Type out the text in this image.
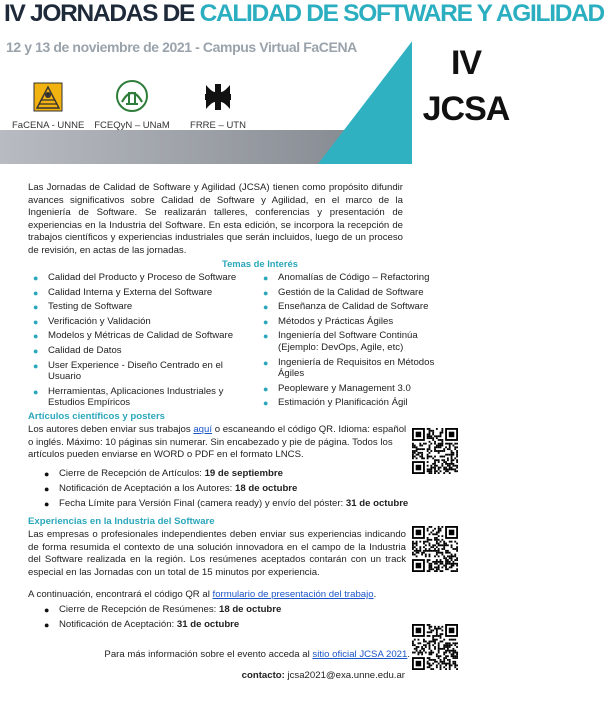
IV JORNADAS DE CALIDAD DE SOFTWARE Y AGILIDAD
12 y 13 de noviembre de 2021 - Campus Virtual FaCENA
FaCENA - UNNE FCEQyN – UNaM	FRRE – UTN
IV
JCSA
Las Jornadas de Calidad de Software y Agilidad (JCSA) tienen como propósito difundir avances significativos sobre Calidad de Software y Agilidad, en el marco de la Ingeniería de Software. Se realizarán talleres, conferencias y presentación de experiencias en la Industria del Software. En esta edición, se incorpora la recepción de trabajos científicos y experiencias industriales que serán incluidos, luego de un proceso de revisión, en actas de las jornadas.
Temas de Interés
● Calidad del Producto y Proceso de Software
● Calidad Interna y Externa del Software
● Testing de Software
● Verificación y Validación
● Modelos y Métricas de Calidad de Software
● Calidad de Datos
● User Experience - Diseño Centrado en el Usuario
● Herramientas, Aplicaciones Industriales y Estudios Empíricos
● Anomalías de Código – Refactoring
● Gestión de la Calidad de Software
● Enseñanza de Calidad de Software
● Métodos y Prácticas Ágiles
● Ingeniería del Software Continúa (Ejemplo: DevOps, Agile, etc)
● Ingeniería de Requisitos en Métodos Ágiles
● Peopleware y Management 3.0
● Estimación y Planificación Ágil
Artículos científicos y posters
Los autores deben enviar sus trabajos aquí o escaneando el código QR. Idioma: español o inglés. Máximo: 10 páginas sin numerar. Sin encabezado y pie de página. Todos los artículos pueden enviarse en WORD o PDF en el formato LNCS.
● Cierre de Recepción de Artículos: 19 de septiembre
● Notificación de Aceptación a los Autores: 18 de octubre
● Fecha Límite para Versión Final (camera ready) y envío del póster: 31 de octubre
Experiencias en la Industria del Software
Las empresas o profesionales independientes deben enviar sus experiencias indicando de forma resumida el contexto de una solución innovadora en el campo de la Industria del Software realizada en la región. Los resúmenes aceptados contarán con un track especial en las Jornadas con un total de 15 minutos por experiencia.
A continuación, encontrará el código QR al formulario de presentación del trabajo.
● Cierre de Recepción de Resúmenes: 18 de octubre
● Notificación de Aceptación: 31 de octubre
Para más información sobre el evento acceda al sitio oficial JCSA 2021.
contacto: jcsa2021@exa.unne.edu.ar
